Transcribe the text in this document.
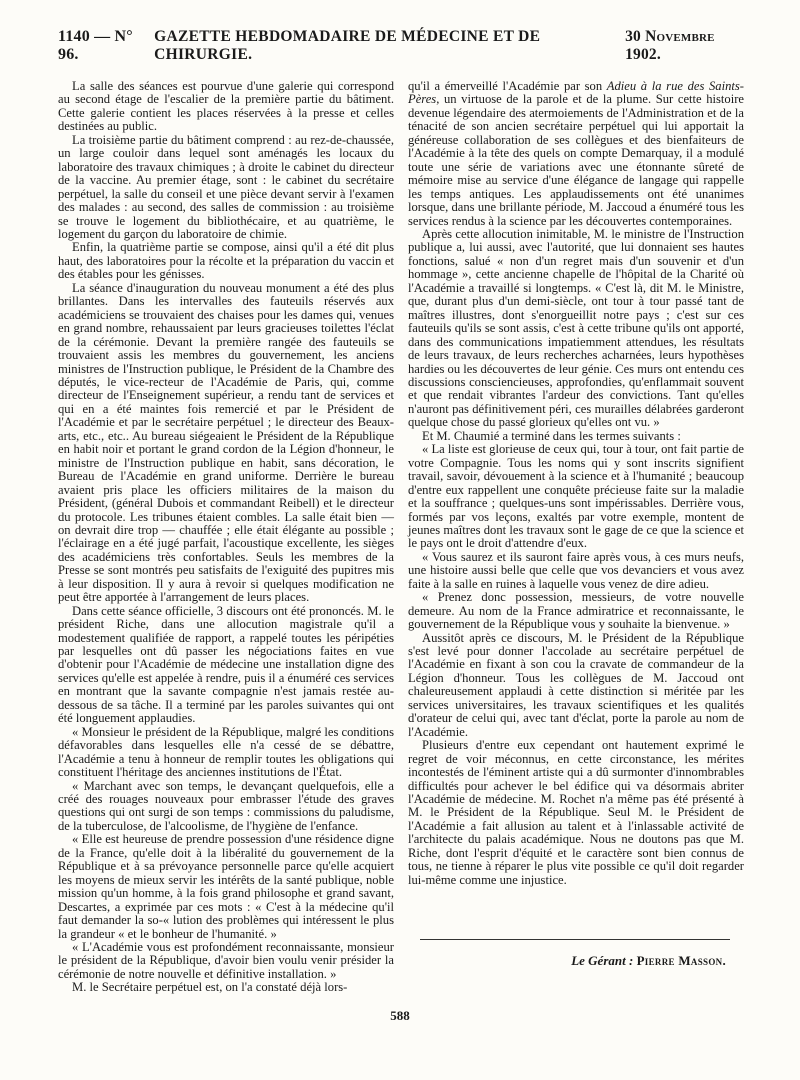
1140 — N° 96.
GAZETTE HEBDOMADAIRE DE MÉDECINE ET DE CHIRURGIE.
30 Novembre 1902.

La salle des séances est pourvue d'une galerie qui correspond au second étage de l'escalier de la première partie du bâtiment. Cette galerie contient les places réservées à la presse et celles destinées au public.

La troisième partie du bâtiment comprend : au rez-de-chaussée, un large couloir dans lequel sont aménagés les locaux du laboratoire des travaux chimiques ; à droite le cabinet du directeur de la vaccine. Au premier étage, sont : le cabinet du secrétaire perpétuel, la salle du conseil et une pièce devant servir à l'examen des malades : au second, des salles de commission : au troisième se trouve le logement du bibliothécaire, et au quatrième, le logement du garçon du laboratoire de chimie.

Enfin, la quatrième partie se compose, ainsi qu'il a été dit plus haut, des laboratoires pour la récolte et la préparation du vaccin et des étables pour les génisses.

La séance d'inauguration du nouveau monument a été des plus brillantes. Dans les intervalles des fauteuils réservés aux académiciens se trouvaient des chaises pour les dames qui, venues en grand nombre, rehaussaient par leurs gracieuses toilettes l'éclat de la cérémonie. Devant la première rangée des fauteuils se trouvaient assis les membres du gouvernement, les anciens ministres de l'Instruction publique, le Président de la Chambre des députés, le vice-recteur de l'Académie de Paris, qui, comme directeur de l'Enseignement supérieur, a rendu tant de services et qui en a été maintes fois remercié et par le Président de l'Académie et par le secrétaire perpétuel ; le directeur des Beaux-arts, etc., etc.. Au bureau siégeaient le Président de la République en habit noir et portant le grand cordon de la Légion d'honneur, le ministre de l'Instruction publique en habit, sans décoration, le Bureau de l'Académie en grand uniforme. Derrière le bureau avaient pris place les officiers militaires de la maison du Président, (général Dubois et commandant Reibell) et le directeur du protocole. Les tribunes étaient combles. La salle était bien — on devrait dire trop — chauffée ; elle était élégante au possible ; l'éclairage en a été jugé parfait, l'acoustique excellente, les sièges des académiciens très confortables. Seuls les membres de la Presse se sont montrés peu satisfaits de l'exiguité des pupitres mis à leur disposition. Il y aura à revoir si quelques modification ne peut être apportée à l'arrangement de leurs places.

Dans cette séance officielle, 3 discours ont été prononcés. M. le président Riche, dans une allocution magistrale qu'il a modestement qualifiée de rapport, a rappelé toutes les péripéties par lesquelles ont dû passer les négociations faites en vue d'obtenir pour l'Académie de médecine une installation digne des services qu'elle est appelée à rendre, puis il a énuméré ces services en montrant que la savante compagnie n'est jamais restée au-dessous de sa tâche. Il a terminé par les paroles suivantes qui ont été longuement applaudies.

« Monsieur le président de la République, malgré les conditions défavorables dans lesquelles elle n'a cessé de se débattre, l'Académie a tenu à honneur de remplir toutes les obligations qui constituent l'héritage des anciennes institutions de l'État.

« Marchant avec son temps, le devançant quelquefois, elle a créé des rouages nouveaux pour embrasser l'étude des graves questions qui ont surgi de son temps : commissions du paludisme, de la tuberculose, de l'alcoolisme, de l'hygiène de l'enfance.

« Elle est heureuse de prendre possession d'une résidence digne de la France, qu'elle doit à la libéralité du gouvernement de la République et à sa prévoyance personnelle parce qu'elle acquiert les moyens de mieux servir les intérêts de la santé publique, noble mission qu'un homme, à la fois grand philosophe et grand savant, Descartes, a exprimée par ces mots : « C'est à la médecine qu'il faut demander la so-« lution des problèmes qui intéressent le plus la grandeur « et le bonheur de l'humanité. »

« L'Académie vous est profondément reconnaissante, monsieur le président de la République, d'avoir bien voulu venir présider la cérémonie de notre nouvelle et définitive installation. »

M. le Secrétaire perpétuel est, on l'a constaté déjà lors-

qu'il a émerveillé l'Académie par son Adieu à la rue des Saints-Pères, un virtuose de la parole et de la plume. Sur cette histoire devenue légendaire des atermoiements de l'Administration et de la ténacité de son ancien secrétaire perpétuel qui lui apportait la généreuse collaboration de ses collègues et des bienfaiteurs de l'Académie à la tête des quels on compte Demarquay, il a modulé toute une série de variations avec une étonnante sûreté de mémoire mise au service d'une élégance de langage qui rappelle les temps antiques. Les applaudissements ont été unanimes lorsque, dans une brillante période, M. Jaccoud a énuméré tous les services rendus à la science par les découvertes contemporaines.

Après cette allocution inimitable, M. le ministre de l'Instruction publique a, lui aussi, avec l'autorité, que lui donnaient ses hautes fonctions, salué « non d'un regret mais d'un souvenir et d'un hommage », cette ancienne chapelle de l'hôpital de la Charité où l'Académie a travaillé si longtemps. « C'est là, dit M. le Ministre, que, durant plus d'un demi-siècle, ont tour à tour passé tant de maîtres illustres, dont s'enorgueillit notre pays ; c'est sur ces fauteuils qu'ils se sont assis, c'est à cette tribune qu'ils ont apporté, dans des communications impatiemment attendues, les résultats de leurs travaux, de leurs recherches acharnées, leurs hypothèses hardies ou les découvertes de leur génie. Ces murs ont entendu ces discussions consciencieuses, approfondies, qu'enflammait souvent et que rendait vibrantes l'ardeur des convictions. Tant qu'elles n'auront pas définitivement péri, ces murailles délabrées garderont quelque chose du passé glorieux qu'elles ont vu. »

Et M. Chaumié a terminé dans les termes suivants :

« La liste est glorieuse de ceux qui, tour à tour, ont fait partie de votre Compagnie. Tous les noms qui y sont inscrits signifient travail, savoir, dévouement à la science et à l'humanité ; beaucoup d'entre eux rappellent une conquête précieuse faite sur la maladie et la souffrance ; quelques-uns sont impérissables. Derrière vous, formés par vos leçons, exaltés par votre exemple, montent de jeunes maîtres dont les travaux sont le gage de ce que la science et le pays ont le droit d'attendre d'eux.

« Vous saurez et ils sauront faire après vous, à ces murs neufs, une histoire aussi belle que celle que vos devanciers et vous avez faite à la salle en ruines à laquelle vous venez de dire adieu.

« Prenez donc possession, messieurs, de votre nouvelle demeure. Au nom de la France admiratrice et reconnaissante, le gouvernement de la République vous y souhaite la bienvenue. »

Aussitôt après ce discours, M. le Président de la République s'est levé pour donner l'accolade au secrétaire perpétuel de l'Académie en fixant à son cou la cravate de commandeur de la Légion d'honneur. Tous les collègues de M. Jaccoud ont chaleureusement applaudi à cette distinction si méritée par les services universitaires, les travaux scientifiques et les qualités d'orateur de celui qui, avec tant d'éclat, porte la parole au nom de l'Académie.

Plusieurs d'entre eux cependant ont hautement exprimé le regret de voir méconnus, en cette circonstance, les mérites incontestés de l'éminent artiste qui a dû surmonter d'innombrables difficultés pour achever le bel édifice qui va désormais abriter l'Académie de médecine. M. Rochet n'a même pas été présenté à M. le Président de la République. Seul M. le Président de l'Académie a fait allusion au talent et à l'inlassable activité de l'architecte du palais académique. Nous ne doutons pas que M. Riche, dont l'esprit d'équité et le caractère sont bien connus de tous, ne tienne à réparer le plus vite possible ce qu'il doit regarder lui-même comme une injustice.

Le Gérant : Pierre Masson.
588
